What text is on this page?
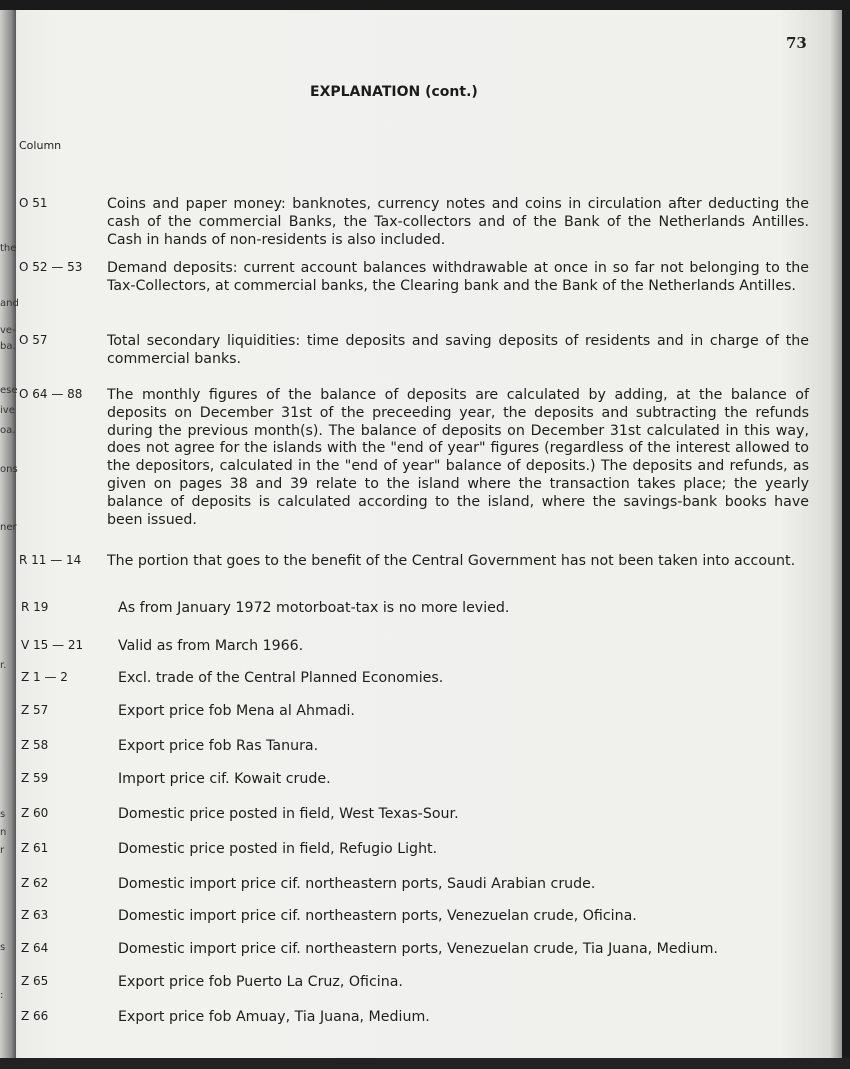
the
and
ve-
ba.
ese
ive
oa.
ons
ner
r.
s
n
r
s
:
73
EXPLANATION (cont.)
Column
O 51	Coins and paper money: banknotes, currency notes and coins in circulation after deducting the cash of the commercial Banks, the Tax-collectors and of the Bank of the Netherlands Antilles. Cash in hands of non-residents is also included.
O 52 — 53	Demand deposits: current account balances withdrawable at once in so far not belonging to the Tax-Collectors, at commercial banks, the Clearing bank and the Bank of the Netherlands Antilles.
O 57	Total secondary liquidities: time deposits and saving deposits of residents and in charge of the commercial banks.
O 64 — 88	The monthly figures of the balance of deposits are calculated by adding, at the balance of deposits on December 31st of the preceeding year, the deposits and subtracting the refunds during the previous month(s). The balance of deposits on December 31st calculated in this way, does not agree for the islands with the "end of year" figures (regardless of the interest allowed to the depositors, calculated in the "end of year" balance of deposits.) The deposits and refunds, as given on pages 38 and 39 relate to the island where the transaction takes place; the yearly balance of deposits is calculated according to the island, where the savings-bank books have been issued.
R 11 — 14	The portion that goes to the benefit of the Central Government has not been taken into account.
R 19	As from January 1972 motorboat-tax is no more levied.
V 15 — 21	Valid as from March 1966.
Z 1 — 2	Excl. trade of the Central Planned Economies.
Z 57	Export price fob Mena al Ahmadi.
Z 58	Export price fob Ras Tanura.
Z 59	Import price cif. Kowait crude.
Z 60	Domestic price posted in field, West Texas-Sour.
Z 61	Domestic price posted in field, Refugio Light.
Z 62	Domestic import price cif. northeastern ports, Saudi Arabian crude.
Z 63	Domestic import price cif. northeastern ports, Venezuelan crude, Oficina.
Z 64	Domestic import price cif. northeastern ports, Venezuelan crude, Tia Juana, Medium.
Z 65	Export price fob Puerto La Cruz, Oficina.
Z 66	Export price fob Amuay, Tia Juana, Medium.
